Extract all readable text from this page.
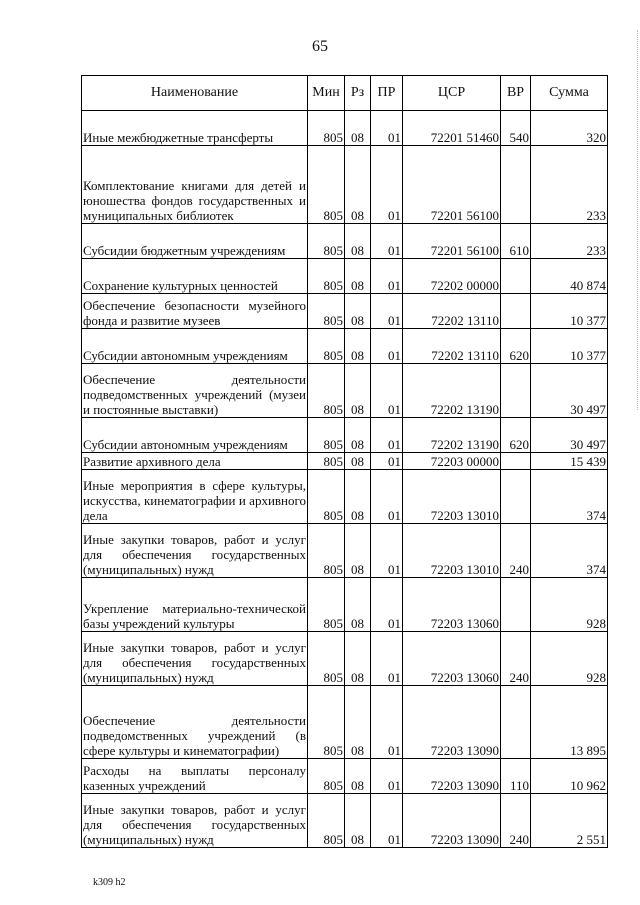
65
Наименование	Мин	Рз	ПР	ЦСР	ВР	Сумма
Иные межбюджетные трансферты	805	08	01	72201 51460	540	320
Комплектование книгами для детей и юношества фондов государственных и муниципальных библиотек	805	08	01	72201 56100		233
Субсидии бюджетным учреждениям	805	08	01	72201 56100	610	233
Сохранение культурных ценностей	805	08	01	72202 00000		40 874
Обеспечение безопасности музейного фонда и развитие музеев	805	08	01	72202 13110		10 377
Субсидии автономным учреждениям	805	08	01	72202 13110	620	10 377
Обеспечение деятельности подведомственных учреждений (музеи и постоянные выставки)	805	08	01	72202 13190		30 497
Субсидии автономным учреждениям	805	08	01	72202 13190	620	30 497
Развитие архивного дела	805	08	01	72203 00000		15 439
Иные мероприятия в сфере культуры, искусства, кинематографии и архивного дела	805	08	01	72203 13010		374
Иные закупки товаров, работ и услуг для обеспечения государственных (муниципальных) нужд	805	08	01	72203 13010	240	374
Укрепление материально-технической базы учреждений культуры	805	08	01	72203 13060		928
Иные закупки товаров, работ и услуг для обеспечения государственных (муниципальных) нужд	805	08	01	72203 13060	240	928
Обеспечение деятельности подведомственных учреждений (в сфере культуры и кинематографии)	805	08	01	72203 13090		13 895
Расходы на выплаты персоналу казенных учреждений	805	08	01	72203 13090	110	10 962
Иные закупки товаров, работ и услуг для обеспечения государственных (муниципальных) нужд	805	08	01	72203 13090	240	2 551
k309 h2
